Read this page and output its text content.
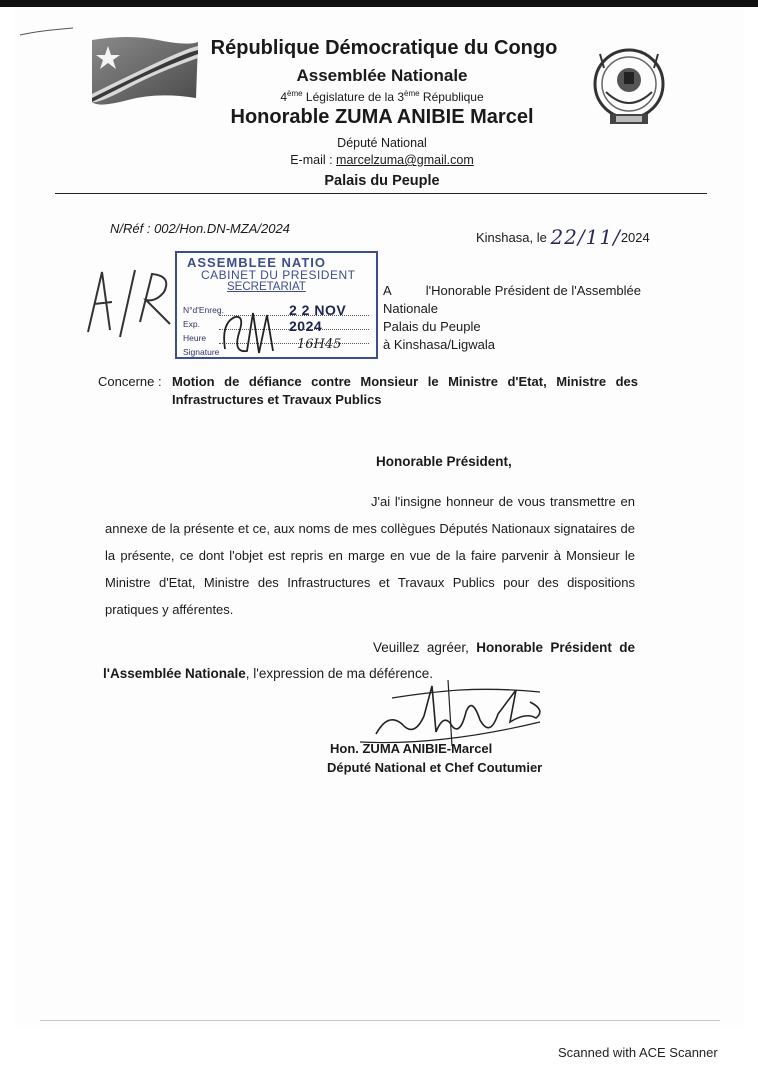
République Démocratique du Congo
Assemblée Nationale
4ème Législature de la 3ème République
Honorable ZUMA ANIBIE Marcel
Député National
E-mail : marcelzuma@gmail.com
Palais du Peuple
N/Réf : 002/Hon.DN-MZA/2024
Kinshasa, le 22/11/2024
ASSEMBLEE NATIO
CABINET DU PRESIDENT
SECRETARIAT
N°d'Enreg.
Exp.
Heure
Signature
2 2 NOV 2024
16H45
A	l'Honorable Président de l'Assemblée
Nationale
Palais du Peuple
à Kinshasa/Ligwala
Concerne : Motion de défiance contre Monsieur le Ministre d'Etat, Ministre des
Infrastructures et Travaux Publics
Honorable Président,
J'ai l'insigne honneur de vous transmettre en
annexe de la présente et ce, aux noms de mes collègues Députés Nationaux signataires de
la présente, ce dont l'objet est repris en marge en vue de la faire parvenir à Monsieur le
Ministre d'Etat, Ministre des Infrastructures et Travaux Publics pour des dispositions
pratiques y afférentes.
Veuillez agréer, Honorable Président de
l'Assemblée Nationale, l'expression de ma déférence.
Hon. ZUMA ANIBIE-Marcel
Député National et Chef Coutumier
Scanned with ACE Scanner
